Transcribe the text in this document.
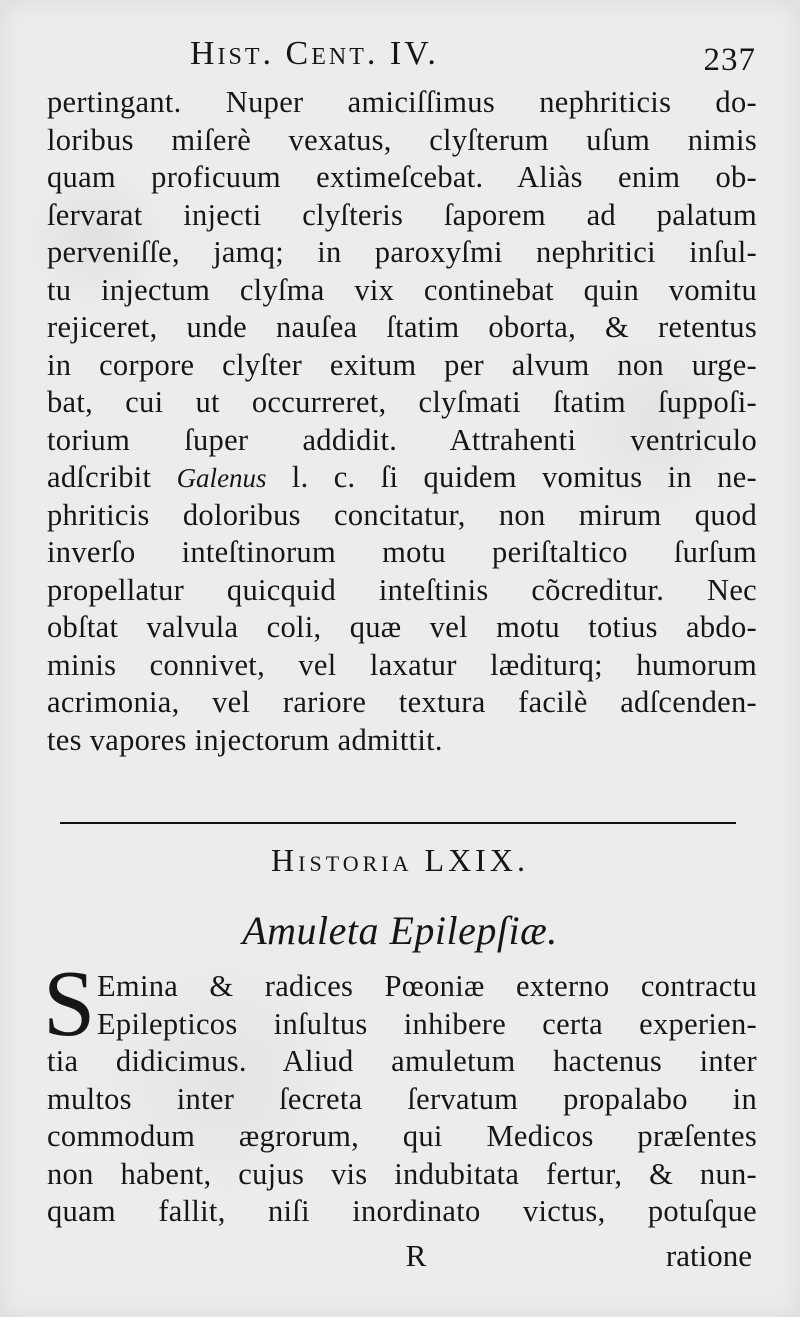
Hist. Cent. IV.	237
pertingant. Nuper amiciſſimus nephriticis do-
loribus miſerè vexatus, clyſterum uſum nimis
quam proficuum extimeſcebat. Aliàs enim ob-
ſervarat injecti clyſteris ſaporem ad palatum
perveniſſe, jamq; in paroxyſmi nephritici inſul-
tu injectum clyſma vix continebat quin vomitu
rejiceret, unde nauſea ſtatim oborta, & retentus
in corpore clyſter exitum per alvum non urge-
bat, cui ut occurreret, clyſmati ſtatim ſuppoſi-
torium ſuper addidit. Attrahenti ventriculo
adſcribit Galenus l. c. ſi quidem vomitus in ne-
phriticis doloribus concitatur, non mirum quod
inverſo inteſtinorum motu periſtaltico ſurſum
propellatur quicquid inteſtinis cõcreditur. Nec
obſtat valvula coli, quæ vel motu totius abdo-
minis connivet, vel laxatur læditurq; humorum
acrimonia, vel rariore textura facilè adſcenden-
tes vapores injectorum admittit.
Historia LXIX.
Amuleta Epilepſiæ.
S Emina & radices Pœoniæ externo contractu
Epilepticos inſultus inhibere certa experien-
tia didicimus. Aliud amuletum hactenus inter
multos inter ſecreta ſervatum propalabo in
commodum ægrorum, qui Medicos præſentes
non habent, cujus vis indubitata fertur, & nun-
quam fallit, niſi inordinato victus, potuſque
R	ratione
